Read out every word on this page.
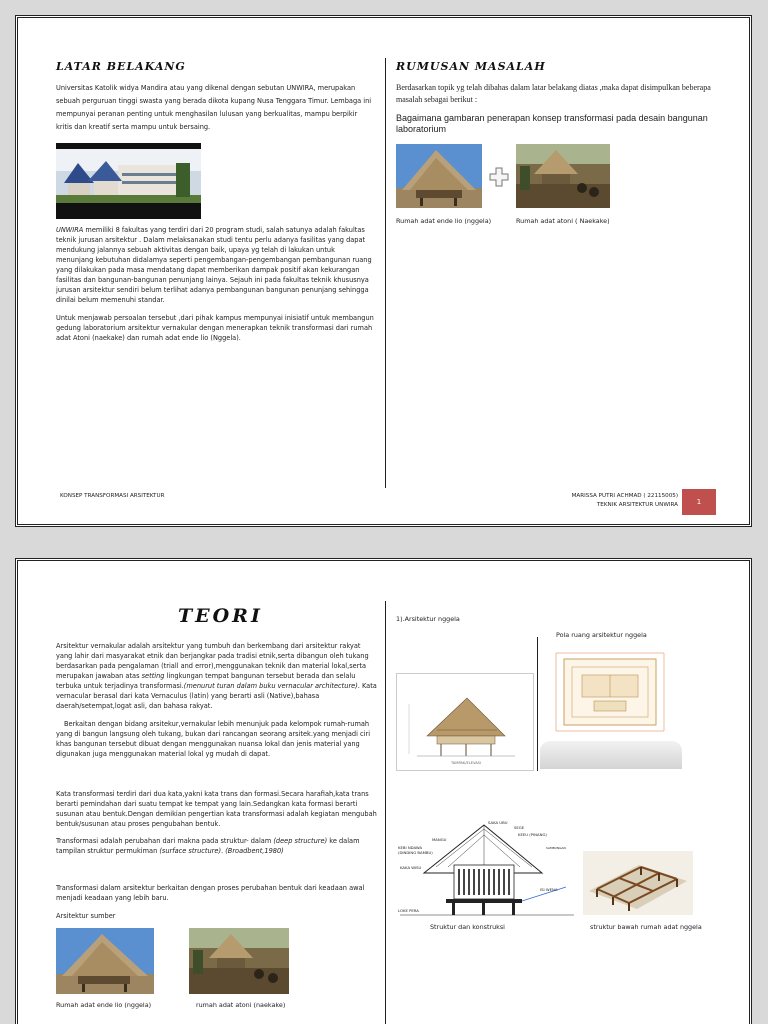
LATAR BELAKANG
Universitas Katolik widya Mandira atau yang dikenal dengan sebutan UNWIRA, merupakan sebuah perguruan tinggi swasta yang berada dikota kupang Nusa Tenggara Timur. Lembaga ini mempunyai peranan penting untuk menghasilan lulusan yang berkualitas, mampu berpikir kritis dan kreatif serta mampu untuk bersaing.
UNWIRA memiliki 8 fakultas yang terdiri dari 20 program studi, salah satunya adalah fakultas teknik jurusan arsitektur . Dalam melaksanakan studi tentu perlu adanya fasilitas yang dapat mendukung jalannya sebuah aktivitas dengan baik, upaya yg telah di lakukan untuk menunjang kebutuhan didalamya seperti pengembangan-pengembangan pembangunan ruang yang dilakukan pada masa mendatang dapat memberikan dampak positif akan kekurangan fasilitas dan bangunan-bangunan penunjang lainya. Sejauh ini pada fakultas teknik khususnya jurusan arsitektur sendiri belum terlihat adanya pembangunan bangunan penunjang sehingga dinilai belum memenuhi standar.
Untuk menjawab persoalan tersebut ,dari pihak kampus mempunyai inisiatif untuk membangun gedung laboratorium arsitektur vernakular dengan menerapkan teknik transformasi dari rumah adat Atoni (naekake) dan rumah adat ende lio (Nggela).
RUMUSAN MASALAH
Berdasarkan topik yg telah dibahas dalam latar belakang diatas ,maka dapat disimpulkan beberapa masalah sebagai berikut :
Bagaimana gambaran penerapan konsep transformasi pada desain bangunan laboratorium
Rumah adat ende lio (nggela)	Rumah adat atoni ( Naekake)
KONSEP TRANSFORMASI ARSITEKTUR	MARISSA PUTRI ACHMAD ( 22115005)
TEKNIK ARSITEKTUR UNWIRA	1
TEORI
Arsitektur vernakular adalah arsitektur yang tumbuh dan berkembang dari arsitektur rakyat yang lahir dari masyarakat etnik dan berjangkar pada tradisi etnik,serta dibangun oleh tukang berdasarkan pada pengalaman (triall and error),menggunakan teknik dan material lokal,serta merupakan jawaban atas setting lingkungan tempat bangunan tersebut berada dan selalu terbuka untuk terjadinya transformasi.(menurut turan dalam buku vernacular architecture). Kata vernacular berasal dari kata Vernaculus (latin) yang berarti asli (Native),bahasa daerah/setempat,logat asli, dan bahasa rakyat.
Berkaitan dengan bidang arsitekur,vernakular lebih menunjuk pada kelompok rumah-rumah yang di bangun langsung oleh tukang, bukan dari rancangan seorang arsitek.yang menjadi ciri khas bangunan tersebut dibuat dengan menggunakan nuansa lokal dan jenis material yang digunakan juga menggunakan material lokal yg mudah di dapat.
Kata transformasi terdiri dari dua kata,yakni kata trans dan formasi.Secara harafiah,kata trans berarti pemindahan dari suatu tempat ke tempat yang lain.Sedangkan kata formasi berarti susunan atau bentuk.Dengan demikian pengertian kata transformasi adalah kegiatan mengubah bentuk/susunan atau proses pengubahan bentuk.
Transformasi adalah perubahan dari makna pada struktur- dalam (deep structure) ke dalam tampilan struktur permukiman (surface structure). (Broadbent,1980)
Transformasi dalam arsitektur berkaitan dengan proses perubahan bentuk dari keadaan awal menjadi keadaan yang lebih baru.
Arsitektur sumber
Rumah adat ende lio (nggela)	rumah adat atoni (naekake)
1).Arsitektur nggela
Pola ruang arsitektur nggela
TAMPAK/ELEVASI
SAKA UBU
SEGE
KEEU (PINANG)
MANGU
KEBI NDAWA
(DINDING BAMBU)
KAKA WISU
ISI WENA
LOKE PERA
SAMBUNGAN
Struktur dan konstruksi	struktur bawah rumah adat nggela
